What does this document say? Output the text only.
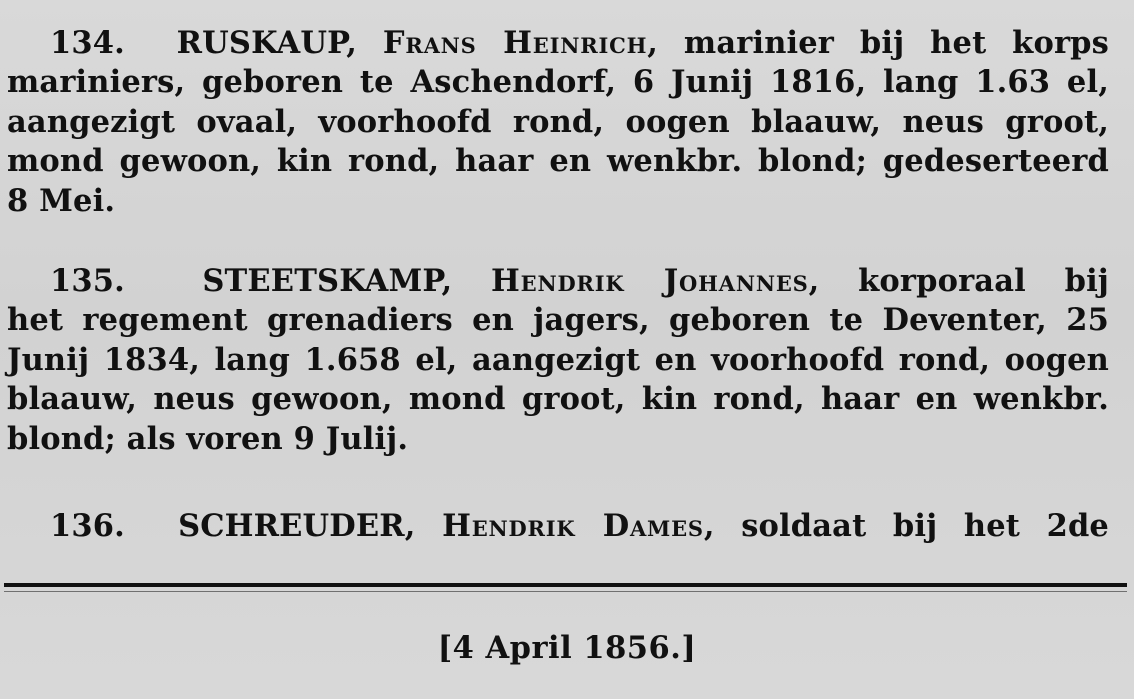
134. RUSKAUP, Frans Heinrich, marinier bij het korps
mariniers, geboren te Aschendorf, 6 Junij 1816, lang 1.63 el,
aangezigt ovaal, voorhoofd rond, oogen blaauw, neus groot,
mond gewoon, kin rond, haar en wenkbr. blond; gedeserteerd
8 Mei.
135.	STEETSKAMP, Hendrik Johannes, korporaal bij
het regement grenadiers en jagers, geboren te Deventer, 25
Junij 1834, lang 1.658 el, aangezigt en voorhoofd rond, oogen
blaauw, neus gewoon, mond groot, kin rond, haar en wenkbr.
blond; als voren 9 Julij.
136. SCHREUDER, Hendrik Dames, soldaat bij het 2de
[4 April 1856.]
